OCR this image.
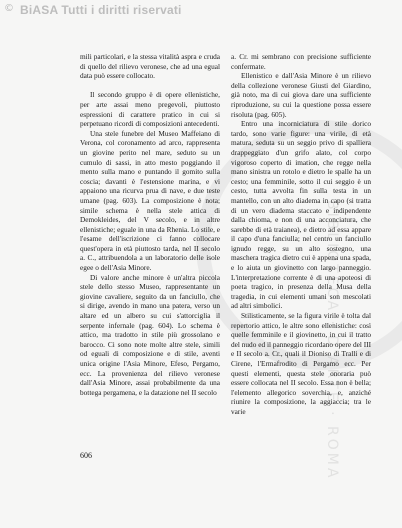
© BiASA Tutti i diritti riservati
BIBLIOTECA · D'ARTE · ROMA

mili particolari, e la stessa vitalità aspra e cruda di quello del rilievo veronese, che ad una egual data può essere collocato.

Il secondo gruppo è di opere ellenistiche, per arte assai meno pregevoli, piuttosto espressioni di carattere pratico in cui si perpetuano ricordi di composizioni antecedenti.

Una stele funebre del Museo Maffeiano di Verona, col coronamento ad arco, rappresenta un giovine perito nel mare, seduto su un cumulo di sassi, in atto mesto poggiando il mento sulla mano e puntando il gomito sulla coscia; davanti è l'estensione marina, e vi appaiono una ricurva prua di nave, e due teste umane (pag. 603). La composizione è nota; simile schema è nella stele attica di Demokleides, del V secolo, e in altre ellenistiche; eguale in una da Rhenia. Lo stile, e l'esame dell'iscrizione ci fanno collocare quest'opera in età piuttosto tarda, nel II secolo a. C., attribuendola a un laboratorio delle isole egee o dell'Asia Minore.

Di valore anche minore è un'altra piccola stele dello stesso Museo, rappresentante un giovine cavaliere, seguito da un fanciullo, che si dirige, avendo in mano una patera, verso un altare ed un albero su cui s'attorciglia il serpente infernale (pag. 604). Lo schema è attico, ma tradotto in stile più grossolano e barocco. Ci sono note molte altre stele, simili od eguali di composizione e di stile, aventi unica origine l'Asia Minore, Efeso, Pergamo, ecc. La provenienza del rilievo veronese dall'Asia Minore, assai probabilmente da una bottega pergamena, e la datazione nel II secolo

a. Cr. mi sembrano con precisione sufficiente confermate.

Ellenistico e dall'Asia Minore è un rilievo della collezione veronese Giusti del Giardino, già noto, ma di cui giova dare una sufficiente riproduzione, su cui la questione possa essere risoluta (pag. 605).

Entro una incorniciatura di stile dorico tardo, sono varie figure: una virile, di età matura, seduta su un seggio privo di spalliera drappeggiato d'un grifo alato, col corpo vigoroso coperto di imation, che regge nella mano sinistra un rotolo e dietro le spalle ha un cesto; una femminile, sotto il cui seggio è un cesto, tutta avvolta fin sulla testa in un mantello, con un alto diadema in capo (si tratta di un vero diadema staccato e indipendente dalla chioma, e non di una acconciatura, che sarebbe di età traianea), e dietro ad essa appare il capo d'una fanciulla; nel centro un fanciullo ignudo regge, su un alto sostegno, una maschera tragica dietro cui è appena una spada, e lo aiuta un giovinetto con largo panneggio. L'interpretazione corrente è di una apoteosi di poeta tragico, in presenza della Musa della tragedia, in cui elementi umani son mescolati ad altri simbolici.

Stilisticamente, se la figura virile è tolta dal repertorio attico, le altre sono ellenistiche: così quelle femminile e il giovinetto, in cui il tratto del nudo ed il panneggio ricordano opere del III e II secolo a. Cr., quali il Dioniso di Tralli e di Cirene, l'Ermafrodito di Pergamo ecc. Per questi elementi, questa stele onoraria può essere collocata nel II secolo. Essa non è bella; l'elemento allegorico soverchia, e, anziché riunire la composizione, la aggiaccia; tra le varie

606
